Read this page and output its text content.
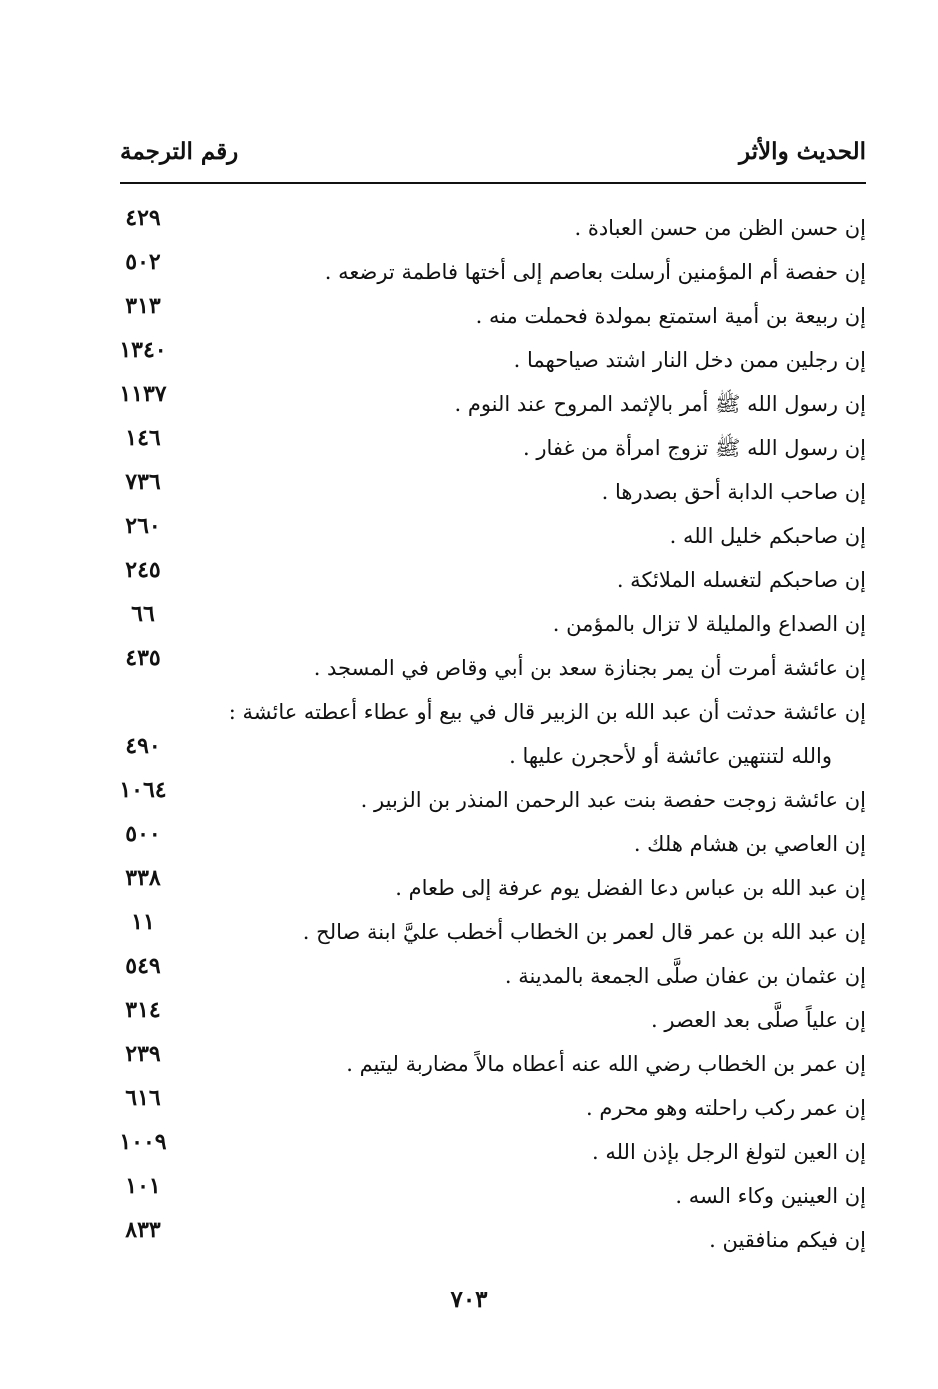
الحديث والأثر
رقم الترجمة
إن حسن الظن من حسن العبادة .
٤٢٩
إن حفصة أم المؤمنين أرسلت بعاصم إلى أختها فاطمة ترضعه .
٥٠٢
إن ربيعة بن أمية استمتع بمولدة فحملت منه .
٣١٣
إن رجلين ممن دخل النار اشتد صياحهما .
١٣٤٠
إن رسول الله ﷺ أمر بالإثمد المروح عند النوم .
١١٣٧
إن رسول الله ﷺ تزوج امرأة من غفار .
١٤٦
إن صاحب الدابة أحق بصدرها .
٧٣٦
إن صاحبكم خليل الله .
٢٦٠
إن صاحبكم لتغسله الملائكة .
٢٤٥
إن الصداع والمليلة لا تزال بالمؤمن .
٦٦
إن عائشة أمرت أن يمر بجنازة سعد بن أبي وقاص في المسجد .
٤٣٥
إن عائشة حدثت أن عبد الله بن الزبير قال في بيع أو عطاء أعطته عائشة :
والله لتنتهين عائشة أو لأحجرن عليها .
٤٩٠
إن عائشة زوجت حفصة بنت عبد الرحمن المنذر بن الزبير .
١٠٦٤
إن العاصي بن هشام هلك .
٥٠٠
إن عبد الله بن عباس دعا الفضل يوم عرفة إلى طعام .
٣٣٨
إن عبد الله بن عمر قال لعمر بن الخطاب أخطب عليَّ ابنة صالح .
١١
إن عثمان بن عفان صلَّى الجمعة بالمدينة .
٥٤٩
إن علياً صلَّى بعد العصر .
٣١٤
إن عمر بن الخطاب رضي الله عنه أعطاه مالاً مضاربة ليتيم .
٢٣٩
إن عمر ركب راحلته وهو محرم .
٦١٦
إن العين لتولغ الرجل بإذن الله .
١٠٠٩
إن العينين وكاء السه .
١٠١
إن فيكم منافقين .
٨٣٣
٧٠٣
